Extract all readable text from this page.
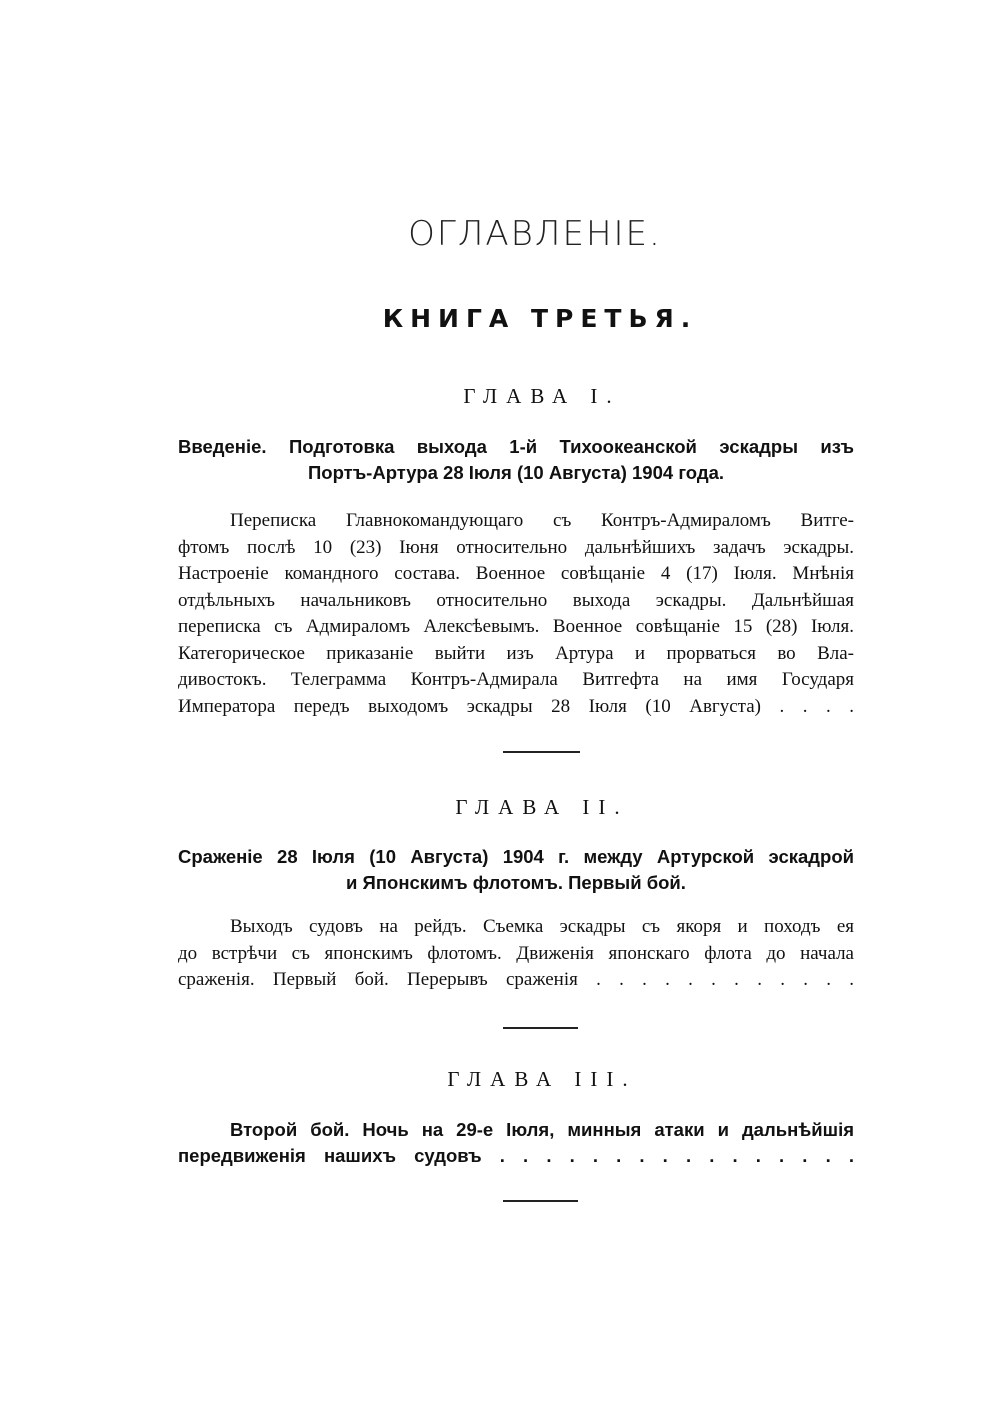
ОГЛАВЛЕНІЕ.
КНИГА ТРЕТЬЯ.
ГЛАВА I.
Введеніе. Подготовка выхода 1-й Тихоокеанской эскадры изъ
Портъ-Артура 28 Іюля (10 Августа) 1904 года.
Переписка Главнокомандующаго съ Контръ-Адмираломъ Витге-
фтомъ послѣ 10 (23) Іюня относительно дальнѣйшихъ задачъ эскадры.
Настроеніе командного состава. Военное совѣщаніе 4 (17) Іюля. Мнѣнія
отдѣльныхъ начальниковъ относительно выхода эскадры. Дальнѣйшая
переписка съ Адмираломъ Алексѣевымъ. Военное совѣщаніе 15 (28) Іюля.
Категорическое приказаніе выйти изъ Артура и прорваться во Вла-
дивостокъ. Телеграмма Контръ-Адмирала Витгефта на имя Государя
Императора передъ выходомъ эскадры 28 Іюля (10 Августа) . . . .
ГЛАВА II.
Сраженіе 28 Іюля (10 Августа) 1904 г. между Артурской эскадрой
и Японскимъ флотомъ. Первый бой.
Выходъ судовъ на рейдъ. Съемка эскадры съ якоря и походъ ея
до встрѣчи съ японскимъ флотомъ. Движенія японскаго флота до начала
сраженія. Первый бой. Перерывъ сраженія . . . . . . . . . . . .
ГЛАВА III.
Второй бой. Ночь на 29-е Іюля, минныя атаки и дальнѣйшія
передвиженія нашихъ судовъ . . . . . . . . . . . . . . . .
